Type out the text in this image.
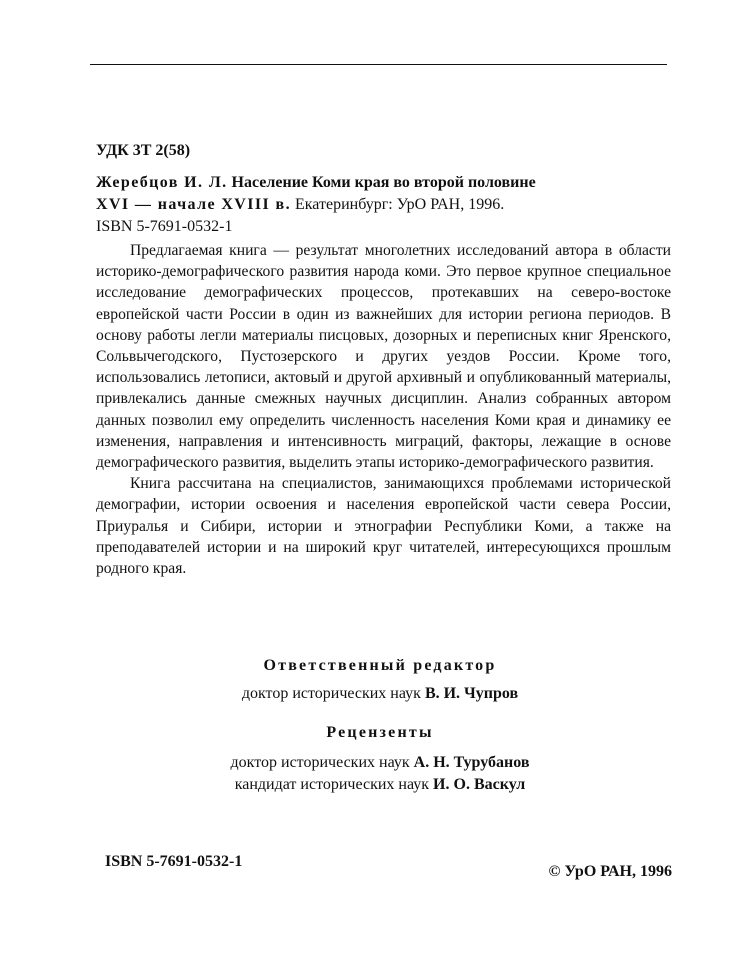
УДК 3Т 2(58)
Жеребцов И. Л. Население Коми края во второй половине
XVI — начале XVIII в. Екатеринбург: УрО РАН, 1996.
ISBN 5-7691-0532-1

Предлагаемая книга — результат многолетних исследований автора в области историко-демографического развития народа коми. Это первое крупное специальное исследование демографических процессов, протекавших на северо-востоке европейской части России в один из важнейших для истории региона периодов. В основу работы легли материалы писцовых, дозорных и переписных книг Яренского, Сольвычегодского, Пустозерского и других уездов России. Кроме того, использовались летописи, актовый и другой архивный и опубликованный материалы, привлекались данные смежных научных дисциплин. Анализ собранных автором данных позволил ему определить численность населения Коми края и динамику ее изменения, направления и интенсивность миграций, факторы, лежащие в основе демографического развития, выделить этапы историко-демографического развития.

Книга рассчитана на специалистов, занимающихся проблемами исторической демографии, истории освоения и населения европейской части севера России, Приуралья и Сибири, истории и этнографии Республики Коми, а также на преподавателей истории и на широкий круг читателей, интересующихся прошлым родного края.

Ответственный редактор
доктор исторических наук В. И. Чупров
Рецензенты
доктор исторических наук А. Н. Турубанов
кандидат исторических наук И. О. Васкул
ISBN 5-7691-0532-1
© УрО РАН, 1996
